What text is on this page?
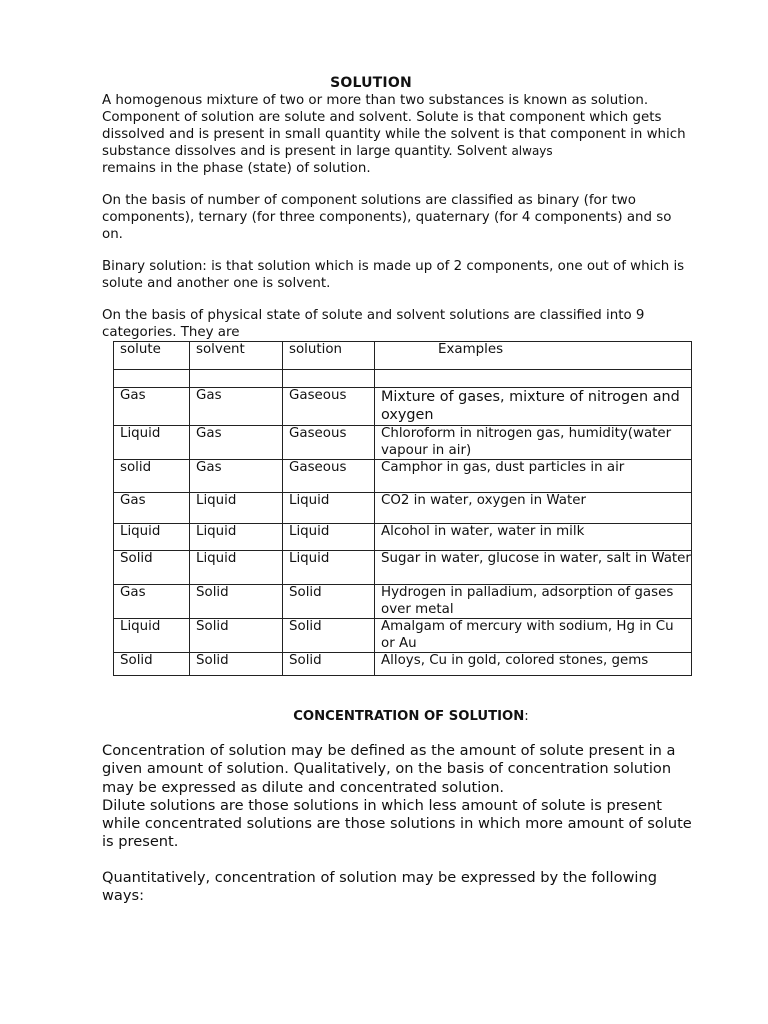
SOLUTION

A homogenous mixture of two or more than two substances is known as solution. Component of solution are solute and solvent. Solute is that component which gets dissolved and is present in small quantity while the solvent is that component in which substance dissolves and is present in large quantity. Solvent always
remains in the phase (state) of solution.

On the basis of number of component solutions are classified as binary (for two components), ternary (for three components), quaternary (for 4 components) and so on.

Binary solution: is that solution which is made up of 2 components, one out of which is solute and another one is solvent.

On the basis of physical state of solute and solvent solutions are classified into 9 categories. They are

solute	solvent	solution	Examples

Gas	Gas	Gaseous	Mixture of gases, mixture of nitrogen and oxygen
Liquid	Gas	Gaseous	Chloroform in nitrogen gas, humidity(water vapour in air)
solid	Gas	Gaseous	Camphor in gas, dust particles in air
Gas	Liquid	Liquid	CO2 in water, oxygen in Water
Liquid	Liquid	Liquid	Alcohol in water, water in milk
Solid	Liquid	Liquid	Sugar in water, glucose in water, salt in Water
Gas	Solid	Solid	Hydrogen in palladium, adsorption of gases over metal
Liquid	Solid	Solid	Amalgam of mercury with sodium, Hg in Cu or Au
Solid	Solid	Solid	Alloys, Cu in gold, colored stones, gems
CONCENTRATION OF SOLUTION:

Concentration of solution may be defined as the amount of solute present in a given amount of solution. Qualitatively, on the basis of concentration solution may be expressed as dilute and concentrated solution.
Dilute solutions are those solutions in which less amount of solute is present while concentrated solutions are those solutions in which more amount of solute is present.

Quantitatively, concentration of solution may be expressed by the following ways:
